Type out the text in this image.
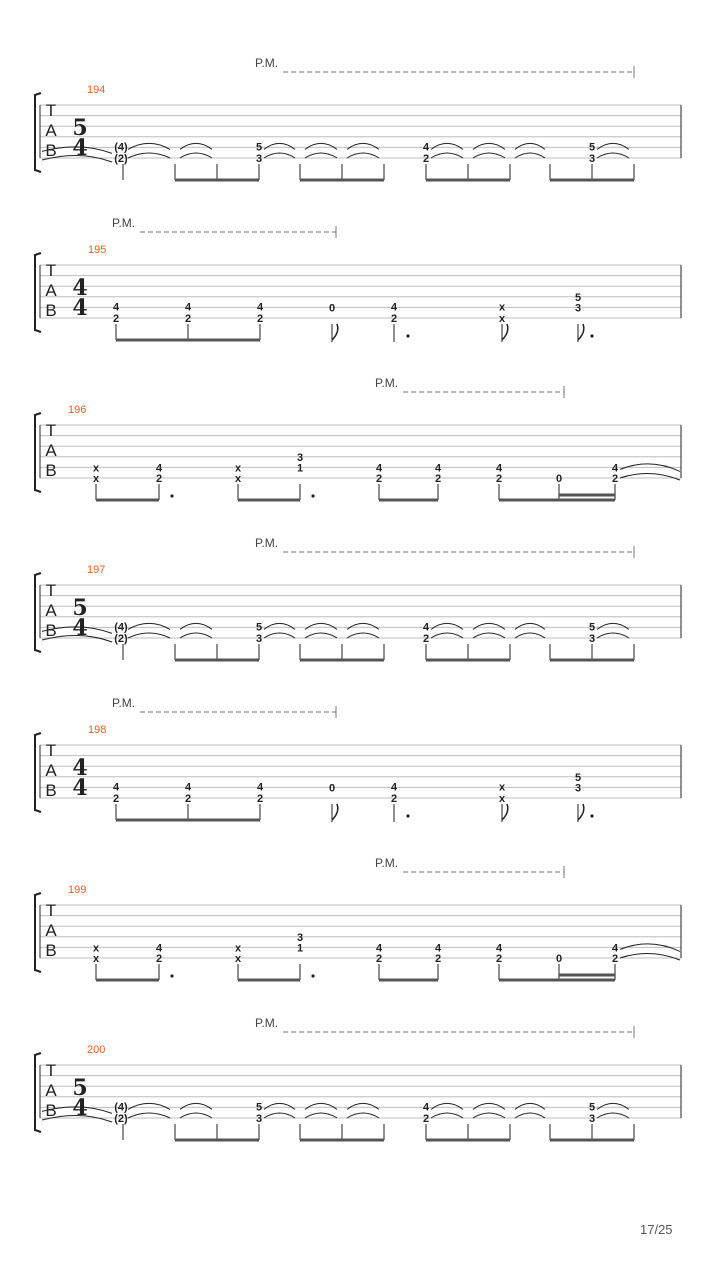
T
A
B
194
5
4
P.M.
(4)
(2)
5
3
4
2
5
3
T
A
B
195
4
4
P.M.
4
2
4
2
4
2
0	4
2
x
x
5
3
T
A
B
196
P.M.
x
x
4
2
x
x
3
1	4
2
4
2
4
2	0
4
2
T
A
B
197
5
4
P.M.
(4)
(2)
5
3
4
2
5
3
T
A
B
198
4
4
P.M.
4
2
4
2
4
2
0	4
2
x
x
5
3
T
A
B
199
P.M.
x
x
4
2
x
x
3
1	4
2
4
2
4
2	0
4
2
T
A
B
200
5
4
P.M.
(4)
(2)
5
3
4
2
5
3
17/25
